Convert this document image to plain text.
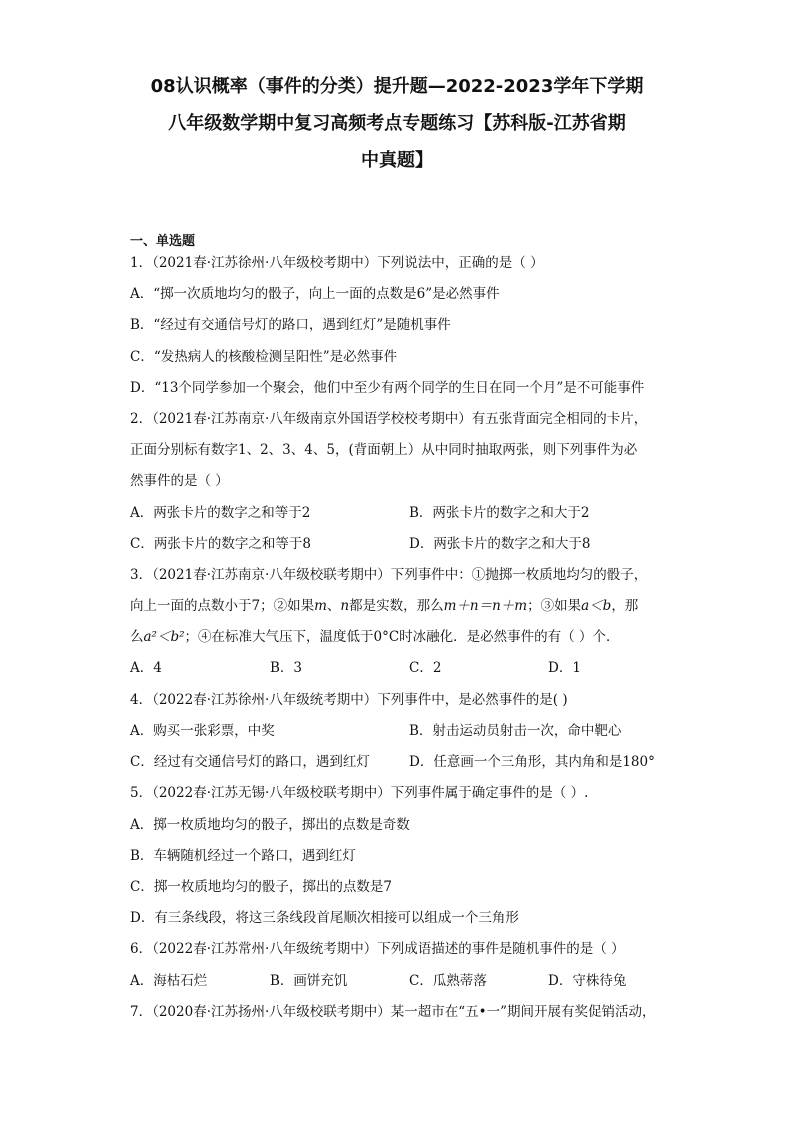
08认识概率（事件的分类）提升题—2022-2023学年下学期
八年级数学期中复习高频考点专题练习【苏科版-江苏省期
中真题】
一、单选题
1．（2021春·江苏徐州·八年级校考期中）下列说法中，正确的是（ ）
A．“掷一次质地均匀的骰子，向上一面的点数是6”是必然事件
B．“经过有交通信号灯的路口，遇到红灯”是随机事件
C．“发热病人的核酸检测呈阳性”是必然事件
D．“13个同学参加一个聚会，他们中至少有两个同学的生日在同一个月”是不可能事件
2．（2021春·江苏南京·八年级南京外国语学校校考期中）有五张背面完全相同的卡片，
正面分别标有数字1、2、3、4、5，(背面朝上）从中同时抽取两张，则下列事件为必
然事件的是（ ）
A．两张卡片的数字之和等于2	B．两张卡片的数字之和大于2
C．两张卡片的数字之和等于8	D．两张卡片的数字之和大于8
3．（2021春·江苏南京·八年级校联考期中）下列事件中：①抛掷一枚质地均匀的骰子，
向上一面的点数小于7；②如果m、n都是实数，那么m＋n＝n＋m；③如果a＜b，那
么a²＜b²；④在标准大气压下，温度低于0°C时冰融化．是必然事件的有（ ）个．
A．4	B．3	C．2	D．1
4．（2022春·江苏徐州·八年级统考期中）下列事件中，是必然事件的是( )
A．购买一张彩票，中奖	B．射击运动员射击一次，命中靶心
C．经过有交通信号灯的路口，遇到红灯	D．任意画一个三角形，其内角和是180°
5．（2022春·江苏无锡·八年级校联考期中）下列事件属于确定事件的是（ ）.
A．掷一枚质地均匀的骰子，掷出的点数是奇数
B．车辆随机经过一个路口，遇到红灯
C．掷一枚质地均匀的骰子，掷出的点数是7
D．有三条线段，将这三条线段首尾顺次相接可以组成一个三角形
6．（2022春·江苏常州·八年级统考期中）下列成语描述的事件是随机事件的是（ ）
A．海枯石烂	B．画饼充饥	C．瓜熟蒂落	D．守株待兔
7．（2020春·江苏扬州·八年级校联考期中）某一超市在“五•一”期间开展有奖促销活动，
